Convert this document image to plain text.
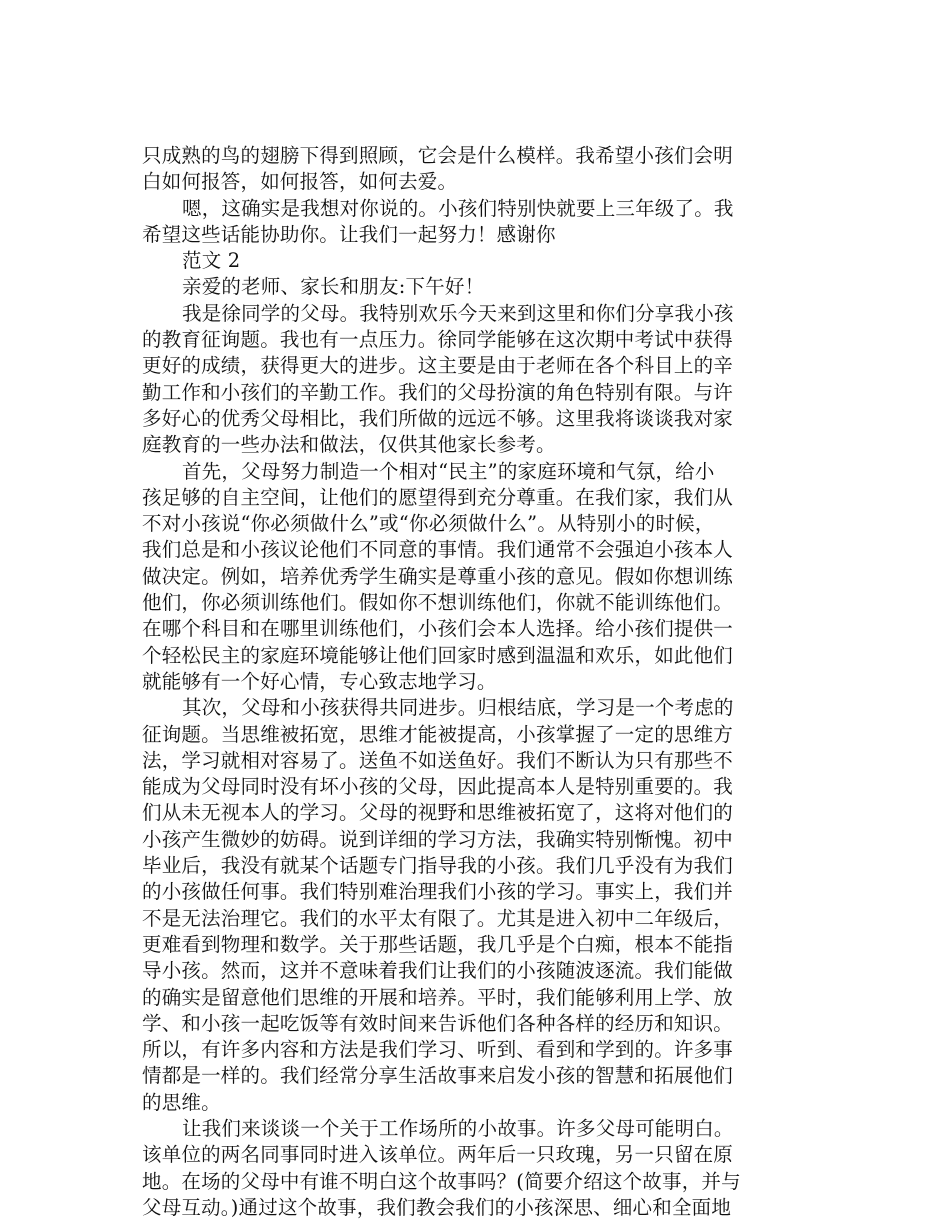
只成熟的鸟的翅膀下得到照顾，它会是什么模样。我希望小孩们会明
白如何报答，如何报答，如何去爱。
嗯，这确实是我想对你说的。小孩们特别快就要上三年级了。我
希望这些话能协助你。让我们一起努力！感谢你
范文 2
亲爱的老师、家长和朋友:下午好！
我是徐同学的父母。我特别欢乐今天来到这里和你们分享我小孩
的教育征询题。我也有一点压力。徐同学能够在这次期中考试中获得
更好的成绩，获得更大的进步。这主要是由于老师在各个科目上的辛
勤工作和小孩们的辛勤工作。我们的父母扮演的角色特别有限。与许
多好心的优秀父母相比，我们所做的远远不够。这里我将谈谈我对家
庭教育的一些办法和做法，仅供其他家长参考。
首先，父母努力制造一个相对“民主”的家庭环境和气氛，给小
孩足够的自主空间，让他们的愿望得到充分尊重。在我们家，我们从
不对小孩说“你必须做什么”或“你必须做什么”。从特别小的时候，
我们总是和小孩议论他们不同意的事情。我们通常不会强迫小孩本人
做决定。例如，培养优秀学生确实是尊重小孩的意见。假如你想训练
他们，你必须训练他们。假如你不想训练他们，你就不能训练他们。
在哪个科目和在哪里训练他们，小孩们会本人选择。给小孩们提供一
个轻松民主的家庭环境能够让他们回家时感到温温和欢乐，如此他们
就能够有一个好心情，专心致志地学习。
其次，父母和小孩获得共同进步。归根结底，学习是一个考虑的
征询题。当思维被拓宽，思维才能被提高，小孩掌握了一定的思维方
法，学习就相对容易了。送鱼不如送鱼好。我们不断认为只有那些不
能成为父母同时没有坏小孩的父母，因此提高本人是特别重要的。我
们从未无视本人的学习。父母的视野和思维被拓宽了，这将对他们的
小孩产生微妙的妨碍。说到详细的学习方法，我确实特别惭愧。初中
毕业后，我没有就某个话题专门指导我的小孩。我们几乎没有为我们
的小孩做任何事。我们特别难治理我们小孩的学习。事实上，我们并
不是无法治理它。我们的水平太有限了。尤其是进入初中二年级后，
更难看到物理和数学。关于那些话题，我几乎是个白痴，根本不能指
导小孩。然而，这并不意味着我们让我们的小孩随波逐流。我们能做
的确实是留意他们思维的开展和培养。平时，我们能够利用上学、放
学、和小孩一起吃饭等有效时间来告诉他们各种各样的经历和知识。
所以，有许多内容和方法是我们学习、听到、看到和学到的。许多事
情都是一样的。我们经常分享生活故事来启发小孩的智慧和拓展他们
的思维。
让我们来谈谈一个关于工作场所的小故事。许多父母可能明白。
该单位的两名同事同时进入该单位。两年后一只玫瑰，另一只留在原
地。在场的父母中有谁不明白这个故事吗？(简要介绍这个故事，并与
父母互动。)通过这个故事，我们教会我们的小孩深思、细心和全面地
